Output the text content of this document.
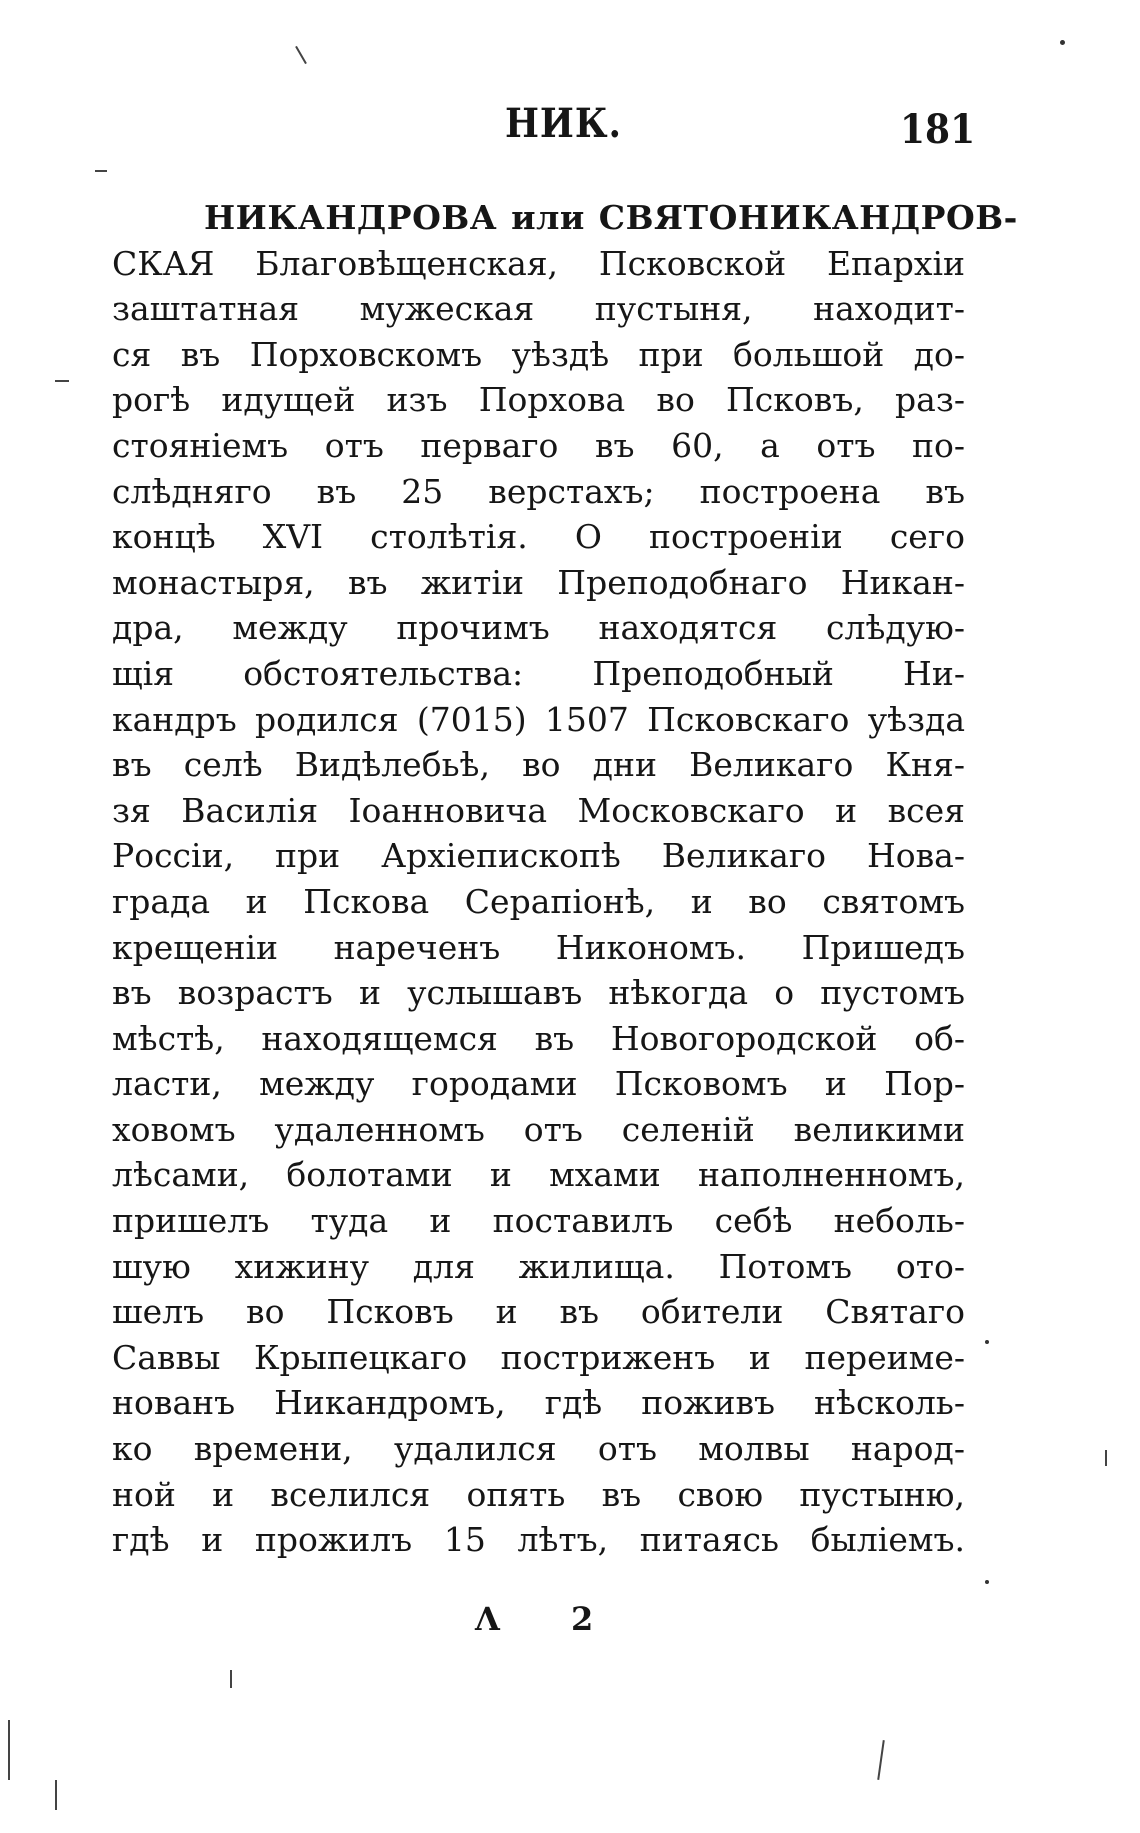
НИК.	181
НИКАНДРОВА или СВЯТОНИКАНДРОВ-
СКАЯ Благовѣщенская, Псковской Епархіи
заштатная мужеская пустыня, находит-
ся въ Порховскомъ уѣздѣ при большой до-
рогѣ идущей изъ Порхова во Псковъ, раз-
стояніемъ отъ перваго въ 60, а отъ по-
слѣдняго въ 25 верстахъ; построена въ
концѣ XVI столѣтія. О построеніи сего
монастыря, въ житіи Преподобнаго Никан-
дра, между прочимъ находятся слѣдую-
щія обстоятельства: Преподобный Ни-
кандръ родился (7015) 1507 Псковскаго уѣзда
въ селѣ Видѣлебьѣ, во дни Великаго Кня-
зя Василія Іоанновича Московскаго и всея
Россіи, при Архіепископѣ Великаго Нова-
града и Пскова Серапіонѣ, и во святомъ
крещеніи нареченъ Никономъ. Пришедъ
въ возрастъ и услышавъ нѣкогда о пустомъ
мѣстѣ, находящемся въ Новогородской об-
ласти, между городами Псковомъ и Пор-
ховомъ удаленномъ отъ селеній великими
лѣсами, болотами и мхами наполненномъ,
пришелъ туда и поставилъ себѣ неболь-
шую хижину для жилища. Потомъ отo-
шелъ во Псковъ и въ обители Святаго
Саввы Крыпецкаго постриженъ и переиме-
нованъ Никандромъ, гдѣ поживъ нѣсколь-
ко времени, удалился отъ молвы народ-
ной и вселился опять въ свою пустыню,
гдѣ и прожилъ 15 лѣтъ, питаясь быліемъ.
Λ 2
